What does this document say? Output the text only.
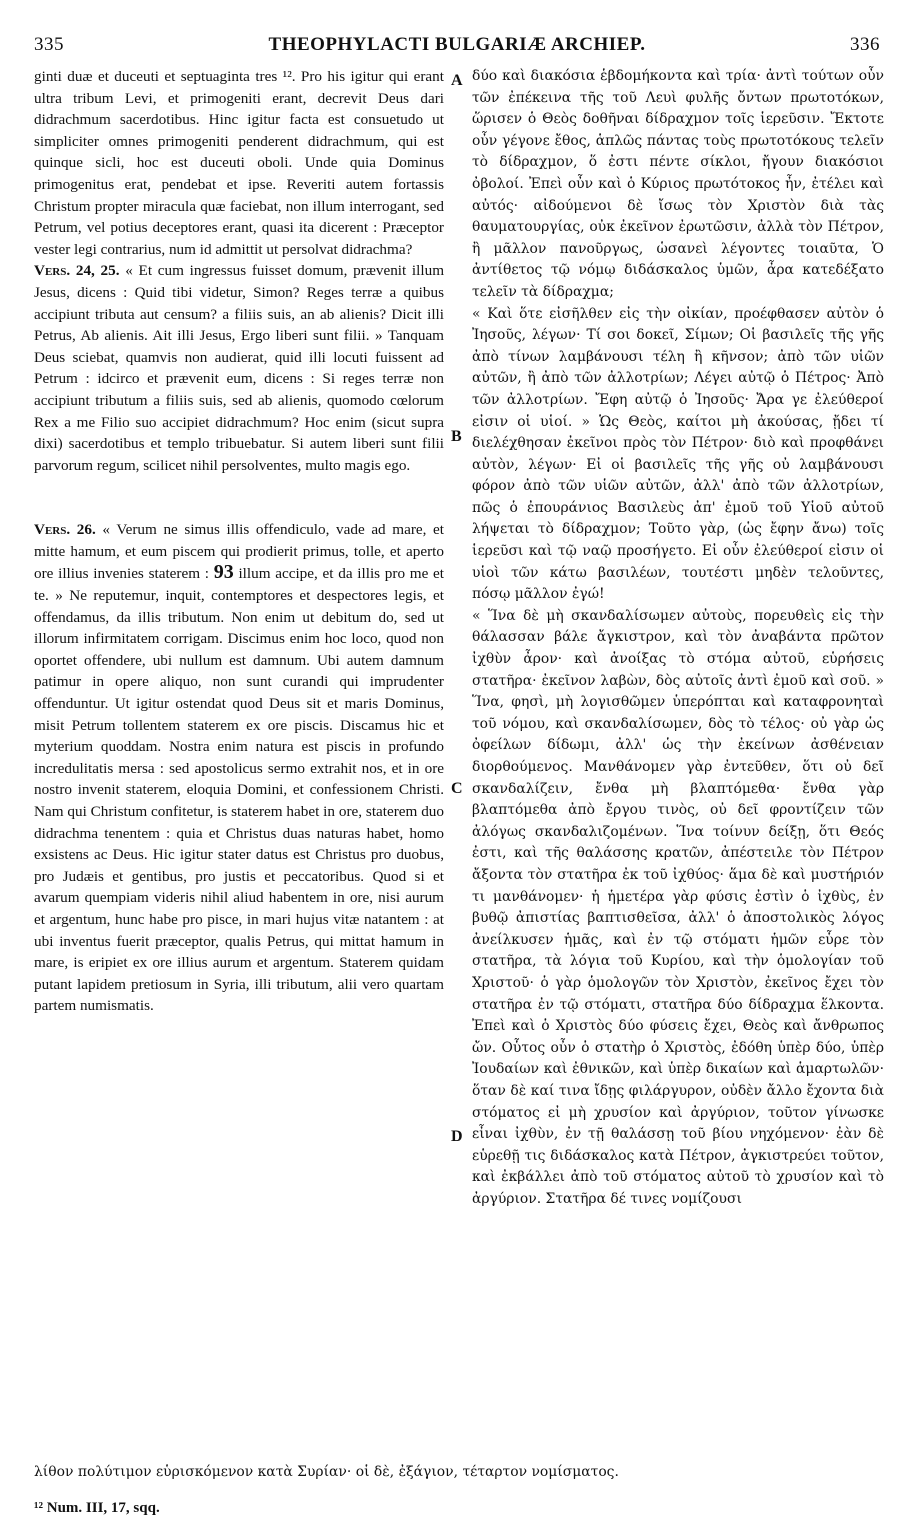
335	THEOPHYLACTI BULGARIÆ ARCHIEP.	336

ginti duæ et duceuti et septuaginta tres ¹². Pro his igitur qui erant ultra tribum Levi, et primogeniti erant, decrevit Deus dari didrachmum sacerdotibus. Hinc igitur facta est consuetudo ut simpliciter omnes primogeniti penderent didrachmum, qui est quinque sicli, hoc est duceuti oboli. Unde quia Dominus primogenitus erat, pendebat et ipse. Reveriti autem fortassis Christum propter miracula quæ faciebat, non illum interrogant, sed Petrum, vel potius deceptores erant, quasi ita dicerent : Præceptor vester legi contrarius, num id admittit ut persolvat didrachma?

Vers. 24, 25. « Et cum ingressus fuisset domum, prævenit illum Jesus, dicens : Quid tibi videtur, Simon? Reges terræ a quibus accipiunt tributa aut censum? a filiis suis, an ab alienis? Dicit illi Petrus, Ab alienis. Ait illi Jesus, Ergo liberi sunt filii. » Tanquam Deus sciebat, quamvis non audierat, quid illi locuti fuissent ad Petrum : idcirco et prævenit eum, dicens : Si reges terræ non accipiunt tributum a filiis suis, sed ab alienis, quomodo cœlorum Rex a me Filio suo accipiet didrachmum? Hoc enim (sicut supra dixi) sacerdotibus et templo tribuebatur. Si autem liberi sunt filii parvorum regum, scilicet nihil persolventes, multo magis ego.

Vers. 26. « Verum ne simus illis offendiculo, vade ad mare, et mitte hamum, et eum piscem qui prodierit primus, tolle, et aperto ore illius invenies staterem : 93 illum accipe, et da illis pro me et te. » Ne reputemur, inquit, contemptores et despectores legis, et offendamus, da illis tributum. Non enim ut debitum do, sed ut illorum infirmitatem corrigam. Discimus enim hoc loco, quod non oportet offendere, ubi nullum est damnum. Ubi autem damnum patimur in opere aliquo, non sunt curandi qui imprudenter offenduntur. Ut igitur ostendat quod Deus sit et maris Dominus, misit Petrum tollentem staterem ex ore piscis. Discamus hic et myterium quoddam. Nostra enim natura est piscis in profundo incredulitatis mersa : sed apostolicus sermo extrahit nos, et in ore nostro invenit staterem, eloquia Domini, et confessionem Christi. Nam qui Christum confitetur, is staterem habet in ore, staterem duo didrachma tenentem : quia et Christus duas naturas habet, homo exsistens ac Deus. Hic igitur stater datus est Christus pro duobus, pro Judæis et gentibus, pro justis et peccatoribus. Quod si et avarum quempiam videris nihil aliud habentem in ore, nisi aurum et argentum, hunc habe pro pisce, in mari hujus vitæ natantem : at ubi inventus fuerit præceptor, qualis Petrus, qui mittat hamum in mare, is eripiet ex ore illius aurum et argentum. Staterem quidam putant lapidem pretiosum in Syria, illi tributum, alii vero quartam partem numismatis.

A
B
C
D

δύο καὶ διακόσια ἑβδομήκοντα καὶ τρία· ἀντὶ τούτων οὖν τῶν ἐπέκεινα τῆς τοῦ Λευὶ φυλῆς ὄντων πρωτοτόκων, ὥρισεν ὁ Θεὸς δοθῆναι δίδραχμον τοῖς ἱερεῦσιν. Ἔκτοτε οὖν γέγονε ἔθος, ἁπλῶς πάντας τοὺς πρωτοτόκους τελεῖν τὸ δίδραχμον, ὅ ἐστι πέντε σίκλοι, ἤγουν διακόσιοι ὀβολοί. Ἐπεὶ οὖν καὶ ὁ Κύριος πρωτότοκος ἦν, ἐτέλει καὶ αὐτός· αἰδούμενοι δὲ ἴσως τὸν Χριστὸν διὰ τὰς θαυματουργίας, οὐκ ἐκεῖνον ἐρωτῶσιν, ἀλλὰ τὸν Πέτρον, ἢ μᾶλλον πανοῦργως, ὡσανεὶ λέγοντες τοιαῦτα, Ὁ ἀντίθετος τῷ νόμῳ διδάσκαλος ὑμῶν, ἆρα κατεδέξατο τελεῖν τὰ δίδραχμα;

« Καὶ ὅτε εἰσῆλθεν εἰς τὴν οἰκίαν, προέφθασεν αὐτὸν ὁ Ἰησοῦς, λέγων· Τί σοι δοκεῖ, Σίμων; Οἱ βασιλεῖς τῆς γῆς ἀπὸ τίνων λαμβάνουσι τέλη ἢ κῆνσον; ἀπὸ τῶν υἱῶν αὐτῶν, ἢ ἀπὸ τῶν ἀλλοτρίων; Λέγει αὐτῷ ὁ Πέτρος· Ἀπὸ τῶν ἀλλοτρίων. Ἔφη αὐτῷ ὁ Ἰησοῦς· Ἄρα γε ἐλεύθεροί εἰσιν οἱ υἱοί. » Ὡς Θεὸς, καίτοι μὴ ἀκούσας, ᾔδει τί διελέχθησαν ἐκεῖνοι πρὸς τὸν Πέτρον· διὸ καὶ προφθάνει αὐτὸν, λέγων· Εἰ οἱ βασιλεῖς τῆς γῆς οὐ λαμβάνουσι φόρον ἀπὸ τῶν υἱῶν αὐτῶν, ἀλλ' ἀπὸ τῶν ἀλλοτρίων, πῶς ὁ ἐπουράνιος Βασιλεὺς ἀπ' ἐμοῦ τοῦ Υἱοῦ αὐτοῦ λήψεται τὸ δίδραχμον; Τοῦτο γὰρ, (ὡς ἔφην ἄνω) τοῖς ἱερεῦσι καὶ τῷ ναῷ προσήγετο. Εἰ οὖν ἐλεύθεροί εἰσιν οἱ υἱοὶ τῶν κάτω βασιλέων, τουτέστι μηδὲν τελοῦντες, πόσῳ μᾶλλον ἐγώ!

« Ἵνα δὲ μὴ σκανδαλίσωμεν αὐτοὺς, πορευθεὶς εἰς τὴν θάλασσαν βάλε ἄγκιστρον, καὶ τὸν ἀναβάντα πρῶτον ἰχθὺν ἆρον· καὶ ἀνοίξας τὸ στόμα αὐτοῦ, εὑρήσεις στατῆρα· ἐκεῖνον λαβὼν, δὸς αὐτοῖς ἀντὶ ἐμοῦ καὶ σοῦ. » Ἵνα, φησὶ, μὴ λογισθῶμεν ὑπερόπται καὶ καταφρονηταὶ τοῦ νόμου, καὶ σκανδαλίσωμεν, δὸς τὸ τέλος· οὐ γὰρ ὡς ὀφείλων δίδωμι, ἀλλ' ὡς τὴν ἐκείνων ἀσθένειαν διορθούμενος. Μανθάνομεν γὰρ ἐντεῦθεν, ὅτι οὐ δεῖ σκανδαλίζειν, ἔνθα μὴ βλαπτόμεθα· ἔνθα γὰρ βλαπτόμεθα ἀπὸ ἔργου τινὸς, οὐ δεῖ φροντίζειν τῶν ἀλόγως σκανδαλιζομένων. Ἵνα τοίνυν δείξῃ, ὅτι Θεός ἐστι, καὶ τῆς θαλάσσης κρατῶν, ἀπέστειλε τὸν Πέτρον ἄξοντα τὸν στατῆρα ἐκ τοῦ ἰχθύος· ἅμα δὲ καὶ μυστήριόν τι μανθάνομεν· ἡ ἡμετέρα γὰρ φύσις ἐστὶν ὁ ἰχθὺς, ἐν βυθῷ ἀπιστίας βαπτισθεῖσα, ἀλλ' ὁ ἀποστολικὸς λόγος ἀνείλκυσεν ἡμᾶς, καὶ ἐν τῷ στόματι ἡμῶν εὗρε τὸν στατῆρα, τὰ λόγια τοῦ Κυρίου, καὶ τὴν ὁμολογίαν τοῦ Χριστοῦ· ὁ γὰρ ὁμολογῶν τὸν Χριστὸν, ἐκεῖνος ἔχει τὸν στατῆρα ἐν τῷ στόματι, στατῆρα δύο δίδραχμα ἕλκοντα. Ἐπεὶ καὶ ὁ Χριστὸς δύο φύσεις ἔχει, Θεὸς καὶ ἄνθρωπος ὤν. Οὗτος οὖν ὁ στατὴρ ὁ Χριστὸς, ἐδόθη ὑπὲρ δύο, ὑπὲρ Ἰουδαίων καὶ ἐθνικῶν, καὶ ὑπὲρ δικαίων καὶ ἁμαρτωλῶν· ὅταν δὲ καί τινα ἴδῃς φιλάργυρον, οὐδὲν ἄλλο ἔχοντα διὰ στόματος εἰ μὴ χρυσίον καὶ ἀργύριον, τοῦτον γίνωσκε εἶναι ἰχθὺν, ἐν τῇ θαλάσσῃ τοῦ βίου νηχόμενον· ἐὰν δὲ εὑρεθῇ τις διδάσκαλος κατὰ Πέτρον, ἀγκιστρεύει τοῦτον, καὶ ἐκβάλλει ἀπὸ τοῦ στόματος αὐτοῦ τὸ χρυσίον καὶ τὸ ἀργύριον. Στατῆρα δέ τινες νομίζουσι

λίθον πολύτιμον εὑρισκόμενον κατὰ Συρίαν· οἱ δὲ, ἐξάγιον, τέταρτον νομίσματος.
¹² Num. III, 17, sqq.
